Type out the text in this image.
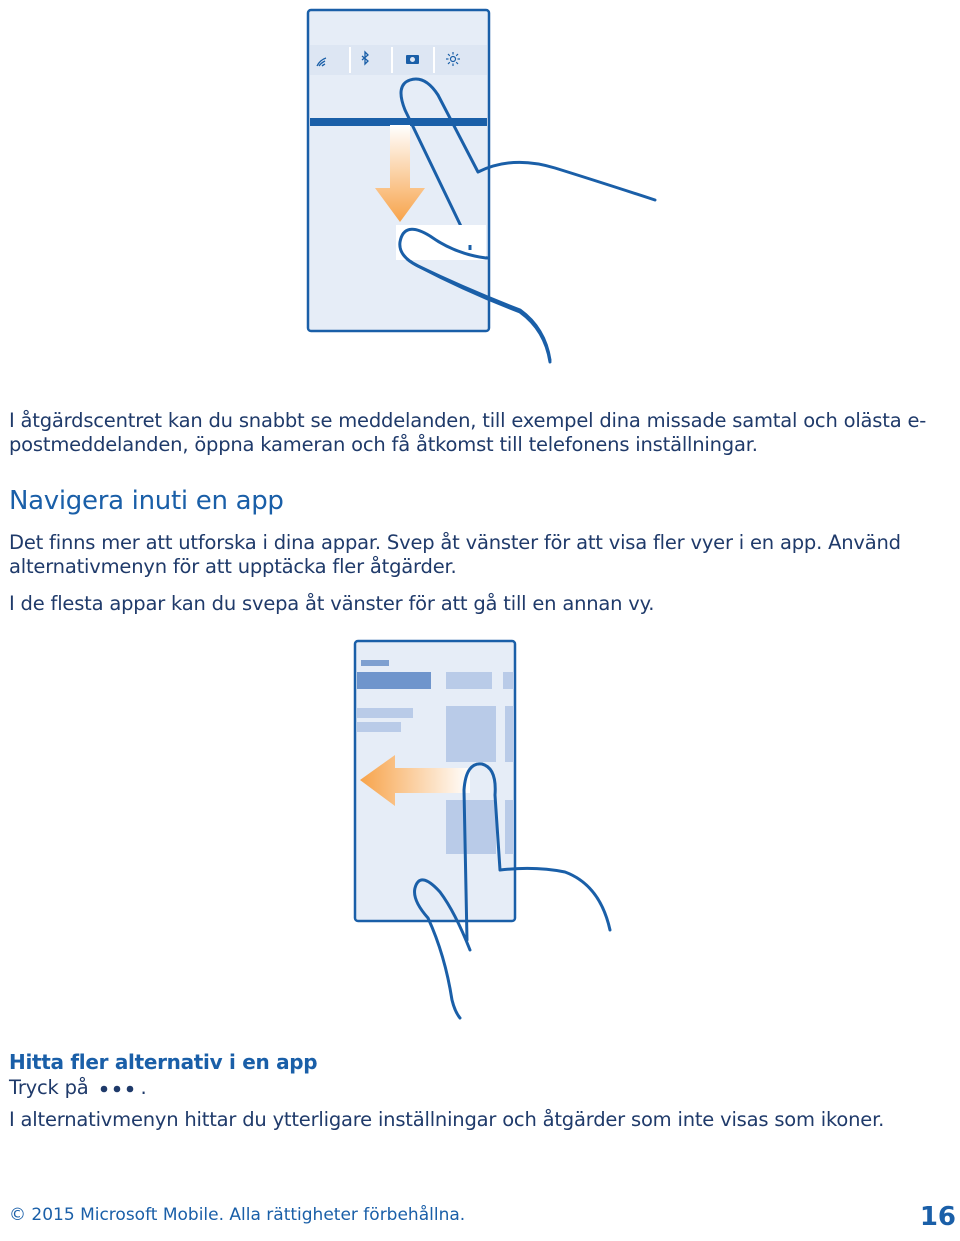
I åtgärdscentret kan du snabbt se meddelanden, till exempel dina missade samtal och olästa e-

postmeddelanden, öppna kameran och få åtkomst till telefonens inställningar.

Navigera inuti en app

Det finns mer att utforska i dina appar. Svep åt vänster för att visa fler vyer i en app. Använd

alternativmenyn för att upptäcka fler åtgärder.

I de flesta appar kan du svepa åt vänster för att gå till en annan vy.

Hitta fler alternativ i en app

Tryck på	.

I alternativmenyn hittar du ytterligare inställningar och åtgärder som inte visas som ikoner.

© 2015 Microsoft Mobile. Alla rättigheter förbehållna.	16
